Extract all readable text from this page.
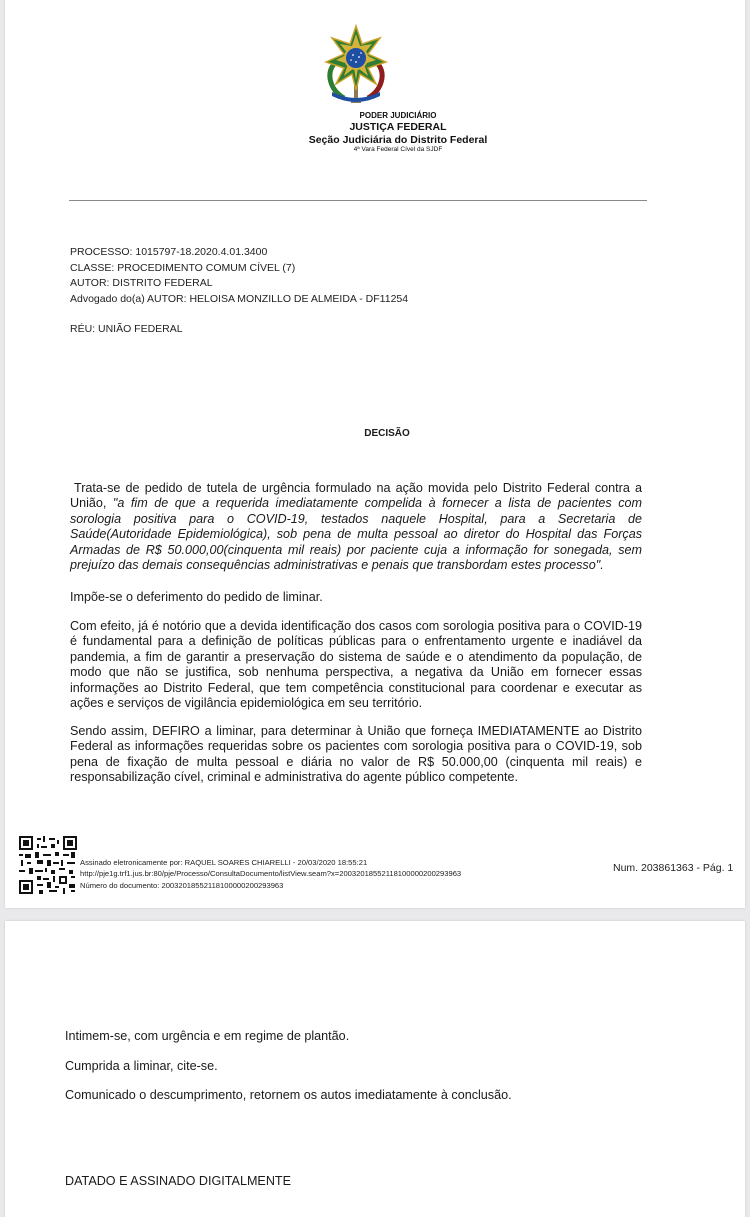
PODER JUDICIÁRIO
JUSTIÇA FEDERAL
Seção Judiciária do Distrito Federal
4ª Vara Federal Cível da SJDF
PROCESSO: 1015797-18.2020.4.01.3400
CLASSE: PROCEDIMENTO COMUM CÍVEL (7)
AUTOR: DISTRITO FEDERAL
Advogado do(a) AUTOR: HELOISA MONZILLO DE ALMEIDA - DF11254
RÉU: UNIÃO FEDERAL
DECISÃO
Trata-se de pedido de tutela de urgência formulado na ação movida pelo Distrito Federal contra a União, "a fim de que a requerida imediatamente compelida à fornecer a lista de pacientes com sorologia positiva para o COVID-19, testados naquele Hospital, para a Secretaria de Saúde(Autoridade Epidemiológica), sob pena de multa pessoal ao diretor do Hospital das Forças Armadas de R$ 50.000,00(cinquenta mil reais) por paciente cuja a informação for sonegada, sem prejuízo das demais consequências administrativas e penais que transbordam estes processo".
Impõe-se o deferimento do pedido de liminar.
Com efeito, já é notório que a devida identificação dos casos com sorologia positiva para o COVID-19 é fundamental para a definição de políticas públicas para o enfrentamento urgente e inadiável da pandemia, a fim de garantir a preservação do sistema de saúde e o atendimento da população, de modo que não se justifica, sob nenhuma perspectiva, a negativa da União em fornecer essas informações ao Distrito Federal, que tem competência constitucional para coordenar e executar as ações e serviços de vigilância epidemiológica em seu território.
Sendo assim, DEFIRO a liminar, para determinar à União que forneça IMEDIATAMENTE ao Distrito Federal as informações requeridas sobre os pacientes com sorologia positiva para o COVID-19, sob pena de fixação de multa pessoal e diária no valor de R$ 50.000,00 (cinquenta mil reais) e responsabilização cível, criminal e administrativa do agente público competente.
Assinado eletronicamente por: RAQUEL SOARES CHIARELLI - 20/03/2020 18:55:21
http://pje1g.trf1.jus.br:80/pje/Processo/ConsultaDocumento/listView.seam?x=20032018552118100000200293963
Número do documento: 20032018552118100000200293963
Num. 203861363 - Pág. 1
Intimem-se, com urgência e em regime de plantão.
Cumprida a liminar, cite-se.
Comunicado o descumprimento, retornem os autos imediatamente à conclusão.
DATADO E ASSINADO DIGITALMENTE
